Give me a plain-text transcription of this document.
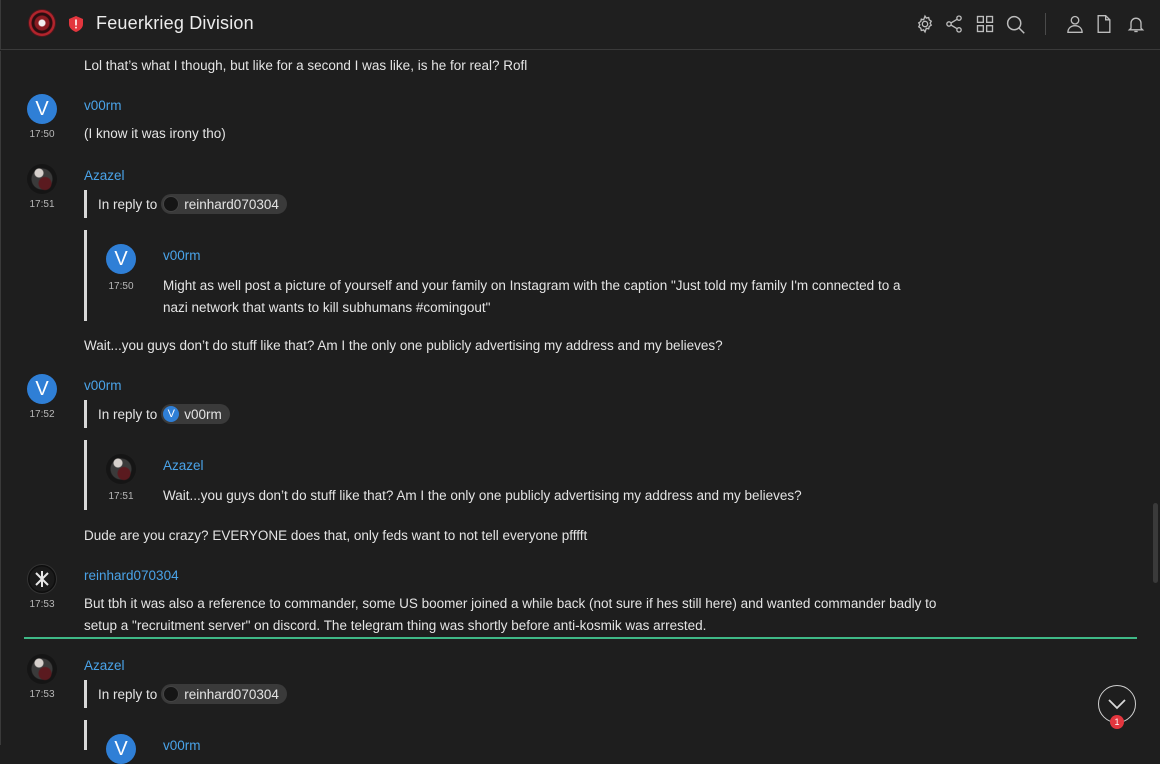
Feuerkrieg Division
Lol that’s what I though, but like for a second I was like, is he for real? Rofl
V
17:50
v00rm
(I know it was irony tho)
17:51
Azazel
In reply to reinhard070304
V
17:50
v00rm
Might as well post a picture of yourself and your family on Instagram with the caption "Just told my family I'm connected to a
nazi network that wants to kill subhumans #comingout"
Wait...you guys don’t do stuff like that? Am I the only one publicly advertising my address and my believes?
V
17:52
v00rm
In reply to V v00rm
17:51
Azazel
Wait...you guys don’t do stuff like that? Am I the only one publicly advertising my address and my believes?
Dude are you crazy? EVERYONE does that, only feds want to not tell everyone pfffft
17:53
reinhard070304
But tbh it was also a reference to commander, some US boomer joined a while back (not sure if hes still here) and wanted commander badly to
setup a "recruitment server" on discord. The telegram thing was shortly before anti-kosmik was arrested.
17:53
Azazel
In reply to reinhard070304
V	v00rm
1
